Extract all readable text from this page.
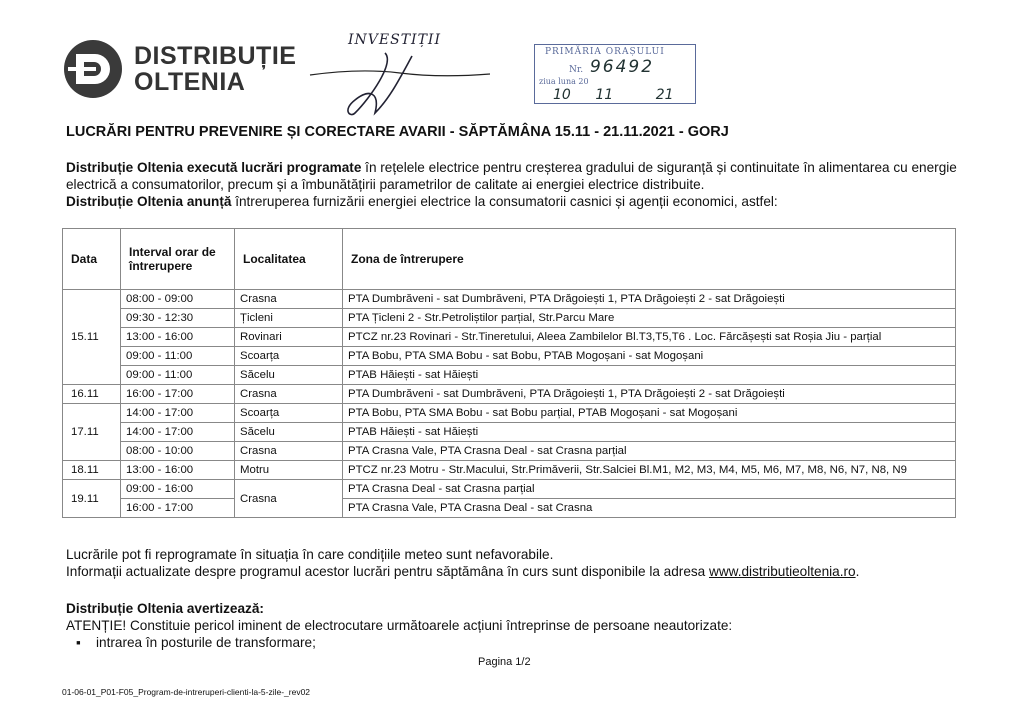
DISTRIBUȚIE
OLTENIA
INVESTIȚII
PRIMĂRIA ORAȘULUI
Nr. 96492
ziua luna 20
10 11	21
LUCRĂRI PENTRU PREVENIRE ȘI CORECTARE AVARII - SĂPTĂMÂNA 15.11 - 21.11.2021 - GORJ

Distribuție Oltenia execută lucrări programate în rețelele electrice pentru creșterea gradului de siguranță și continuitate în alimentarea cu energie electrică a consumatorilor, precum și a îmbunătățirii parametrilor de calitate ai energiei electrice distribuite.

Distribuție Oltenia anunță întreruperea furnizării energiei electrice la consumatorii casnici și agenții economici, astfel:

Data	Interval orar de întrerupere	Localitatea	Zona de întrerupere
15.11	08:00 - 09:00	Crasna	PTA Dumbrăveni - sat Dumbrăveni, PTA Drăgoiești 1, PTA Drăgoiești 2 - sat Drăgoiești
	09:30 - 12:30	Țicleni	PTA Țicleni 2 - Str.Petroliștilor parțial, Str.Parcu Mare
	13:00 - 16:00	Rovinari	PTCZ nr.23 Rovinari - Str.Tineretului, Aleea Zambilelor Bl.T3,T5,T6 . Loc. Fărcășești sat Roșia Jiu - parțial
	09:00 - 11:00	Scoarța	PTA Bobu, PTA SMA Bobu - sat Bobu, PTAB Mogoșani - sat Mogoșani
	09:00 - 11:00	Săcelu	PTAB Hăiești - sat Hăiești
16.11	16:00 - 17:00	Crasna	PTA Dumbrăveni - sat Dumbrăveni, PTA Drăgoiești 1, PTA Drăgoiești 2 - sat Drăgoiești
17.11	14:00 - 17:00	Scoarța	PTA Bobu, PTA SMA Bobu - sat Bobu parțial, PTAB Mogoșani - sat Mogoșani
	14:00 - 17:00	Săcelu	PTAB Hăiești - sat Hăiești
	08:00 - 10:00	Crasna	PTA Crasna Vale, PTA Crasna Deal - sat Crasna parțial
18.11	13:00 - 16:00	Motru	PTCZ nr.23 Motru - Str.Macului, Str.Primăverii, Str.Salciei Bl.M1, M2, M3, M4, M5, M6, M7, M8, N6, N7, N8, N9
19.11	09:00 - 16:00	Crasna	PTA Crasna Deal - sat Crasna parțial
	16:00 - 17:00		PTA Crasna Vale, PTA Crasna Deal - sat Crasna

Lucrările pot fi reprogramate în situația în care condițiile meteo sunt nefavorabile.

Informații actualizate despre programul acestor lucrări pentru săptămâna în curs sunt disponibile la adresa www.distributieoltenia.ro.

Distribuție Oltenia avertizează:

ATENȚIE! Constituie pericol iminent de electrocutare următoarele acțiuni întreprinse de persoane neautorizate:

▪ intrarea în posturile de transformare;

Pagina 1/2
01-06-01_P01-F05_Program-de-intreruperi-clienti-la-5-zile-_rev02
